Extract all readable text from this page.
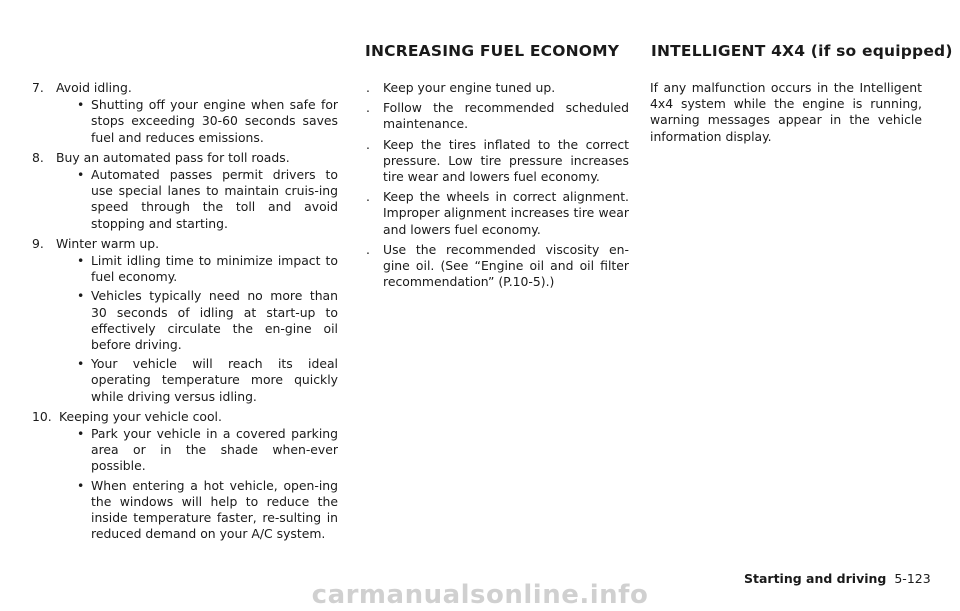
INCREASING FUEL ECONOMY INTELLIGENT 4X4 (if so equipped)
7. Avoid idling.

• Shutting off your engine when safe for stops exceeding 30-60 seconds saves fuel and reduces emissions.

8. Buy an automated pass for toll roads.

• Automated passes permit drivers to use special lanes to maintain cruis-ing speed through the toll and avoid stopping and starting.

9. Winter warm up.

• Limit idling time to minimize impact to fuel economy.

• Vehicles typically need no more than 30 seconds of idling at start-up to effectively circulate the en-gine oil before driving.

• Your vehicle will reach its ideal operating temperature more quickly while driving versus idling.

10. Keeping your vehicle cool.

• Park your vehicle in a covered parking area or in the shade when-ever possible.

• When entering a hot vehicle, open-ing the windows will help to reduce the inside temperature faster, re-sulting in reduced demand on your A/C system.

. Keep your engine tuned up.
. Follow the recommended scheduled maintenance.
. Keep the tires inflated to the correct pressure. Low tire pressure increases tire wear and lowers fuel economy.
. Keep the wheels in correct alignment. Improper alignment increases tire wear and lowers fuel economy.
. Use the recommended viscosity en-gine oil. (See “Engine oil and oil filter recommendation” (P.10-5).)
If any malfunction occurs in the Intelligent 4x4 system while the engine is running, warning messages appear in the vehicle information display.
Starting and driving 5-123
carmanualsonline.info
